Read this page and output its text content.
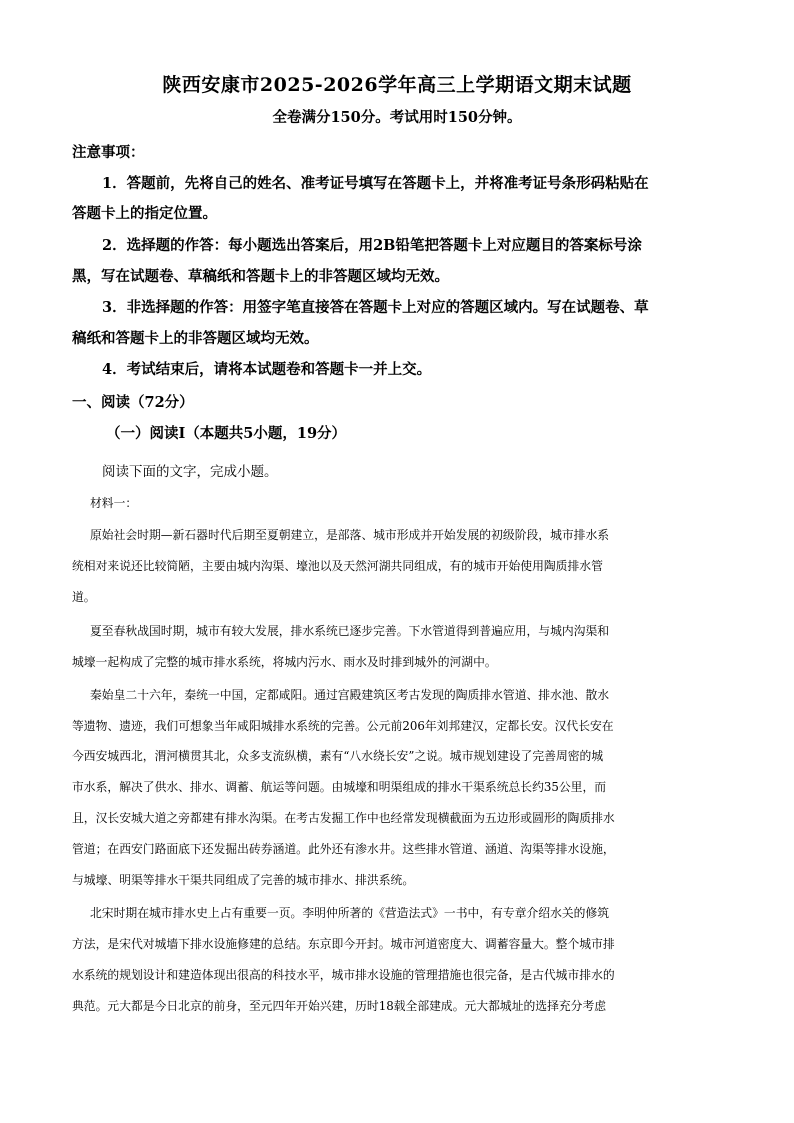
陕西安康市2025-2026学年高三上学期语文期末试题
全卷满分150分。考试用时150分钟。
注意事项：
1．答题前，先将自己的姓名、准考证号填写在答题卡上，并将准考证号条形码粘贴在
答题卡上的指定位置。
2．选择题的作答：每小题选出答案后，用2B铅笔把答题卡上对应题目的答案标号涂
黑，写在试题卷、草稿纸和答题卡上的非答题区域均无效。
3．非选择题的作答：用签字笔直接答在答题卡上对应的答题区域内。写在试题卷、草
稿纸和答题卡上的非答题区域均无效。
4．考试结束后，请将本试题卷和答题卡一并上交。
一、阅读（72分）
（一）阅读Ⅰ（本题共5小题，19分）
阅读下面的文字，完成小题。
材料一：
原始社会时期—新石器时代后期至夏朝建立，是部落、城市形成并开始发展的初级阶段，城市排水系
统相对来说还比较简陋，主要由城内沟渠、壕池以及天然河湖共同组成，有的城市开始使用陶质排水管
道。
夏至春秋战国时期，城市有较大发展，排水系统已逐步完善。下水管道得到普遍应用，与城内沟渠和
城壕一起构成了完整的城市排水系统，将城内污水、雨水及时排到城外的河湖中。
秦始皇二十六年，秦统一中国，定都咸阳。通过宫殿建筑区考古发现的陶质排水管道、排水池、散水
等遗物、遗迹，我们可想象当年咸阳城排水系统的完善。公元前206年刘邦建汉，定都长安。汉代长安在
今西安城西北，渭河横贯其北，众多支流纵横，素有“八水绕长安”之说。城市规划建设了完善周密的城
市水系，解决了供水、排水、调蓄、航运等问题。由城壕和明渠组成的排水干渠系统总长约35公里，而
且，汉长安城大道之旁都建有排水沟渠。在考古发掘工作中也经常发现横截面为五边形或圆形的陶质排水
管道；在西安门路面底下还发掘出砖券涵道。此外还有渗水井。这些排水管道、涵道、沟渠等排水设施，
与城壕、明渠等排水干渠共同组成了完善的城市排水、排洪系统。
北宋时期在城市排水史上占有重要一页。李明仲所著的《营造法式》一书中，有专章介绍水关的修筑
方法，是宋代对城墙下排水设施修建的总结。东京即今开封。城市河道密度大、调蓄容量大。整个城市排
水系统的规划设计和建造体现出很高的科技水平，城市排水设施的管理措施也很完备，是古代城市排水的
典范。元大都是今日北京的前身，至元四年开始兴建，历时18载全部建成。元大都城址的选择充分考虑
